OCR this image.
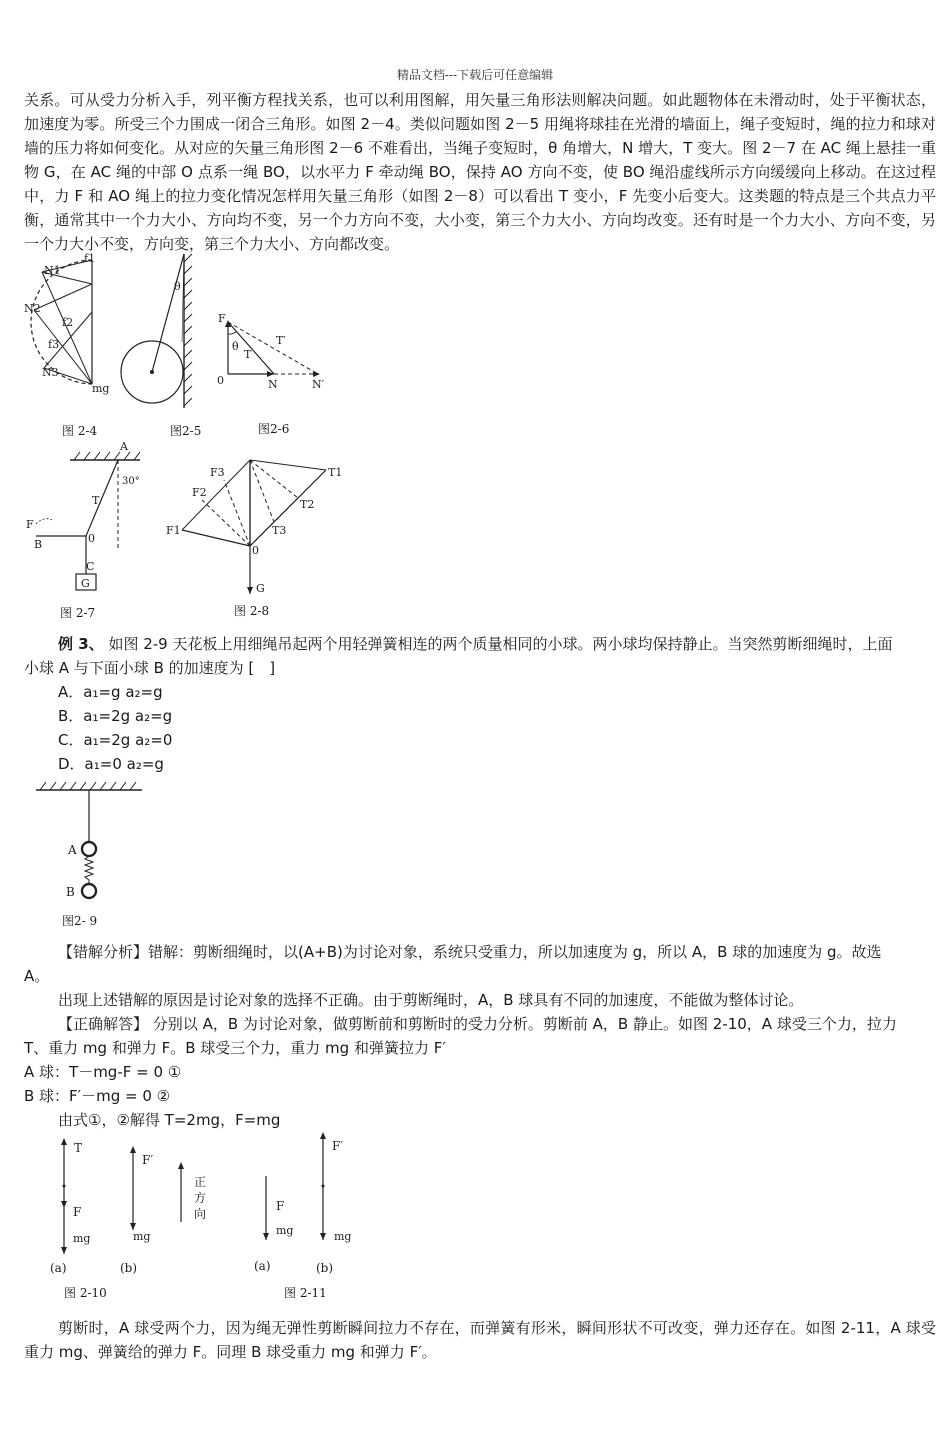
精品文档---下载后可任意编辑

关系。可从受力分析入手，列平衡方程找关系，也可以利用图解，用矢量三角形法则解决问题。如此题物体在未滑动时，处于平衡状态，加速度为零。所受三个力围成一闭合三角形。如图 2－4。类似问题如图 2－5 用绳将球挂在光滑的墙面上，绳子变短时，绳的拉力和球对墙的压力将如何变化。从对应的矢量三角形图 2－6 不难看出，当绳子变短时，θ 角增大，N 增大，T 变大。图 2－7 在 AC 绳上悬挂一重物 G，在 AC 绳的中部 O 点系一绳 BO，以水平力 F 牵动绳 BO，保持 AO 方向不变，使 BO 绳沿虚线所示方向缓缓向上移动。在这过程中，力 F 和 AO 绳上的拉力变化情况怎样用矢量三角形（如图 2－8）可以看出 T 变小，F 先变小后变大。这类题的特点是三个共点力平衡，通常其中一个力大小、方向均不变，另一个力方向不变，大小变，第三个力大小、方向均改变。还有时是一个力大小、方向不变，另一个力大小不变，方向变，第三个力大小、方向都改变。

f1
N1
N2
f2
f3
N3
mg
图 2-4
θ
图2-5
F
T′
θ
T
0	N	N′
图2-6
A
30°
T
F
B	0
C
G
图 2-7
F3	T1
F2
T2
F1	T3
0
G
图 2-8
例 3、 如图 2-9 天花板上用细绳吊起两个用轻弹簧相连的两个质量相同的小球。两小球均保持静止。当突然剪断细绳时，上面
小球 A 与下面小球 B 的加速度为 [　]
A．a₁=g a₂=g
B．a₁=2g a₂=g
C．a₁=2g a₂=0
D．a₁=0 a₂=g
A
B
图2- 9
【错解分析】错解：剪断细绳时，以(A+B)为讨论对象，系统只受重力，所以加速度为 g，所以 A，B 球的加速度为 g。故选
A。
出现上述错解的原因是讨论对象的选择不正确。由于剪断绳时，A，B 球具有不同的加速度，不能做为整体讨论。
【正确解答】 分别以 A，B 为讨论对象，做剪断前和剪断时的受力分析。剪断前 A，B 静止。如图 2-10，A 球受三个力，拉力
T、重力 mg 和弹力 F。B 球受三个力，重力 mg 和弹簧拉力 F′
A 球：T－mg-F = 0 ①
B 球：F′－mg = 0 ②
由式①，②解得 T=2mg，F=mg
T
F′
正
方
向
F
mg	mg
(a)	(b)
F′
F
mg	mg
(a)	(b)
图 2-10	图 2-11

剪断时，A 球受两个力，因为绳无弹性剪断瞬间拉力不存在，而弹簧有形米，瞬间形状不可改变，弹力还存在。如图 2-11，A 球受重力 mg、弹簧给的弹力 F。同理 B 球受重力 mg 和弹力 F′。
